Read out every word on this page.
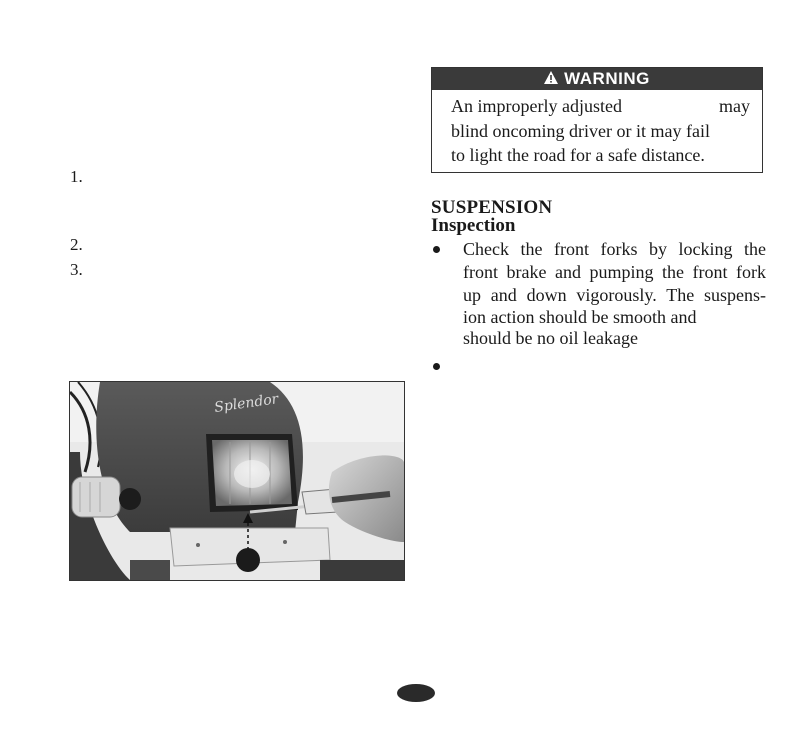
1.
2.
3.
Splendor
WARNING
An improperly adjusted	may
blind oncoming driver or it may fail
to light the road for a safe distance.
SUSPENSION
Inspection
Check the front forks by locking the
front brake and pumping the front fork
up and down vigorously. The suspens-
ion action should be smooth and
should be no oil leakage
